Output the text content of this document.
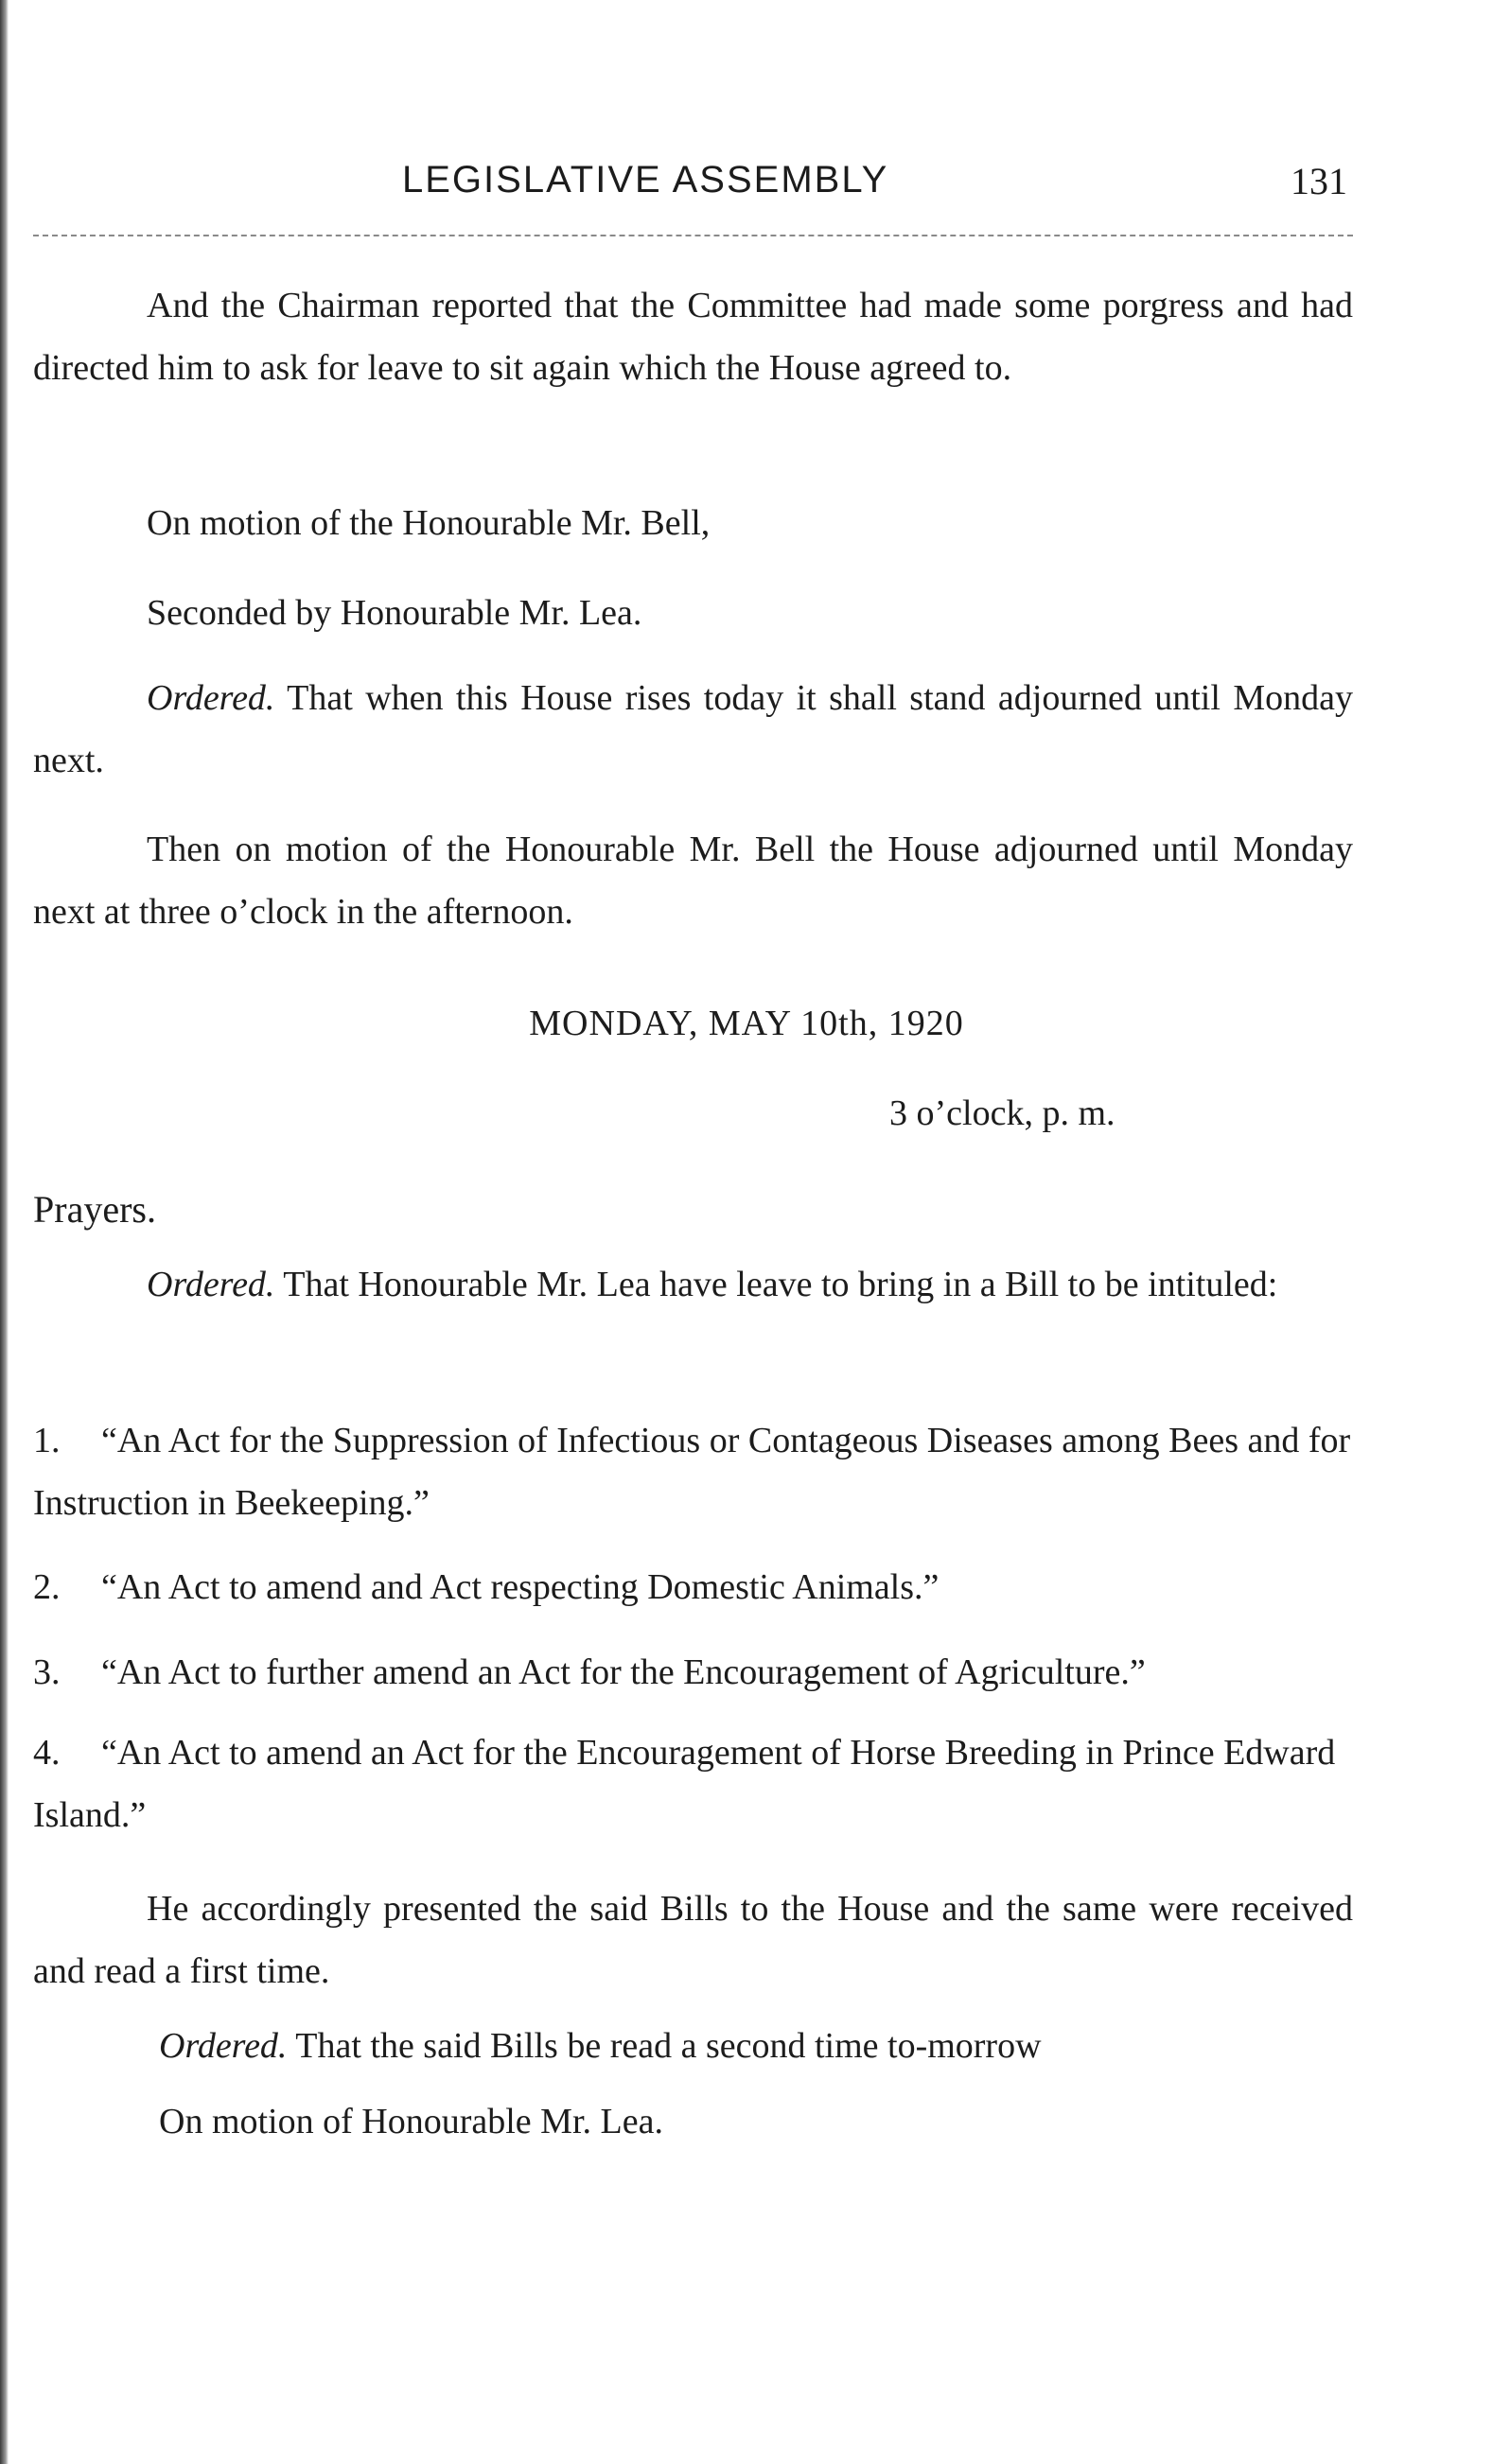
LEGISLATIVE ASSEMBLY	131

And the Chairman reported that the Committee had made some porgress and had directed him to ask for leave to sit again which the House agreed to.

On motion of the Honourable Mr. Bell,

Seconded by Honourable Mr. Lea.

Ordered. That when this House rises today it shall stand adjourned until Monday next.

Then on motion of the Honourable Mr. Bell the House adjourned until Monday next at three o’clock in the afternoon.

MONDAY, MAY 10th, 1920
3 o’clock, p. m.
Prayers.

Ordered. That Honourable Mr. Lea have leave to bring in a Bill to be intituled:

1. “An Act for the Suppression of Infectious or Contageous Diseases among Bees and for Instruction in Beekeeping.”
2. “An Act to amend and Act respecting Domestic Animals.”
3. “An Act to further amend an Act for the Encouragement of Agriculture.”
4. “An Act to amend an Act for the Encouragement of Horse Breeding in Prince Edward Island.”

He accordingly presented the said Bills to the House and the same were received and read a first time.

Ordered. That the said Bills be read a second time to-morrow
On motion of Honourable Mr. Lea.
